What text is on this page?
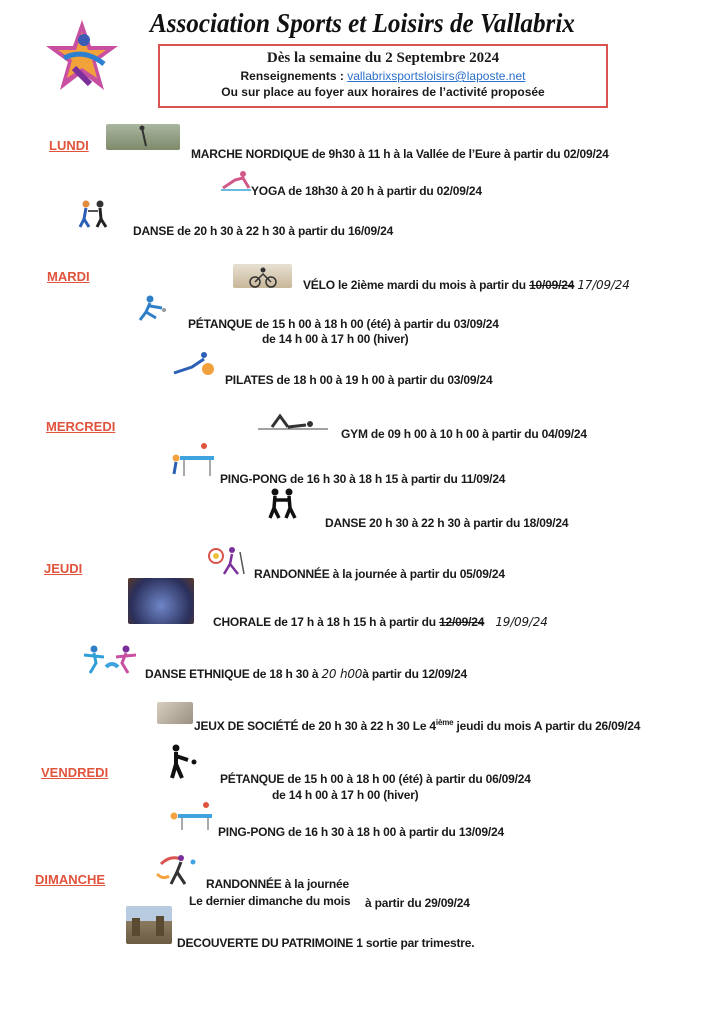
Association Sports et Loisirs de Vallabrix
Dès la semaine du 2 Septembre 2024
Renseignements : vallabrixsportsloisirs@laposte.net
Ou sur place au foyer aux horaires de l’activité proposée
LUNDI
MARCHE NORDIQUE de 9h30 à 11 h à la Vallée de l’Eure à partir du 02/09/24
YOGA de 18h30 à 20 h à partir du 02/09/24
DANSE de 20 h 30 à 22 h 30 à partir du 16/09/24
MARDI
VÉLO le 2ième mardi du mois à partir du 10/09/24 17/09/24
PÉTANQUE de 15 h 00 à 18 h 00 (été) à partir du 03/09/24
de 14 h 00 à 17 h 00 (hiver)
PILATES de 18 h 00 à 19 h 00 à partir du 03/09/24
MERCREDI	GYM de 09 h 00 à 10 h 00 à partir du 04/09/24
PING-PONG de 16 h 30 à 18 h 15 à partir du 11/09/24
DANSE 20 h 30 à 22 h 30 à partir du 18/09/24
JEUDI	RANDONNÉE à la journée à partir du 05/09/24
CHORALE de 17 h à 18 h 15 h à partir du 12/09/24 19/09/24
DANSE ETHNIQUE de 18 h 30 à 20 h00à partir du 12/09/24
JEUX DE SOCIÉTÉ de 20 h 30 à 22 h 30 Le 4ième jeudi du mois A partir du 26/09/24
VENDREDI	PÉTANQUE de 15 h 00 à 18 h 00 (été) à partir du 06/09/24
de 14 h 00 à 17 h 00 (hiver)
PING-PONG de 16 h 30 à 18 h 00 à partir du 13/09/24
DIMANCHE	RANDONNÉE à la journée
Le dernier dimanche du mois à partir du 29/09/24
DECOUVERTE DU PATRIMOINE 1 sortie par trimestre.
